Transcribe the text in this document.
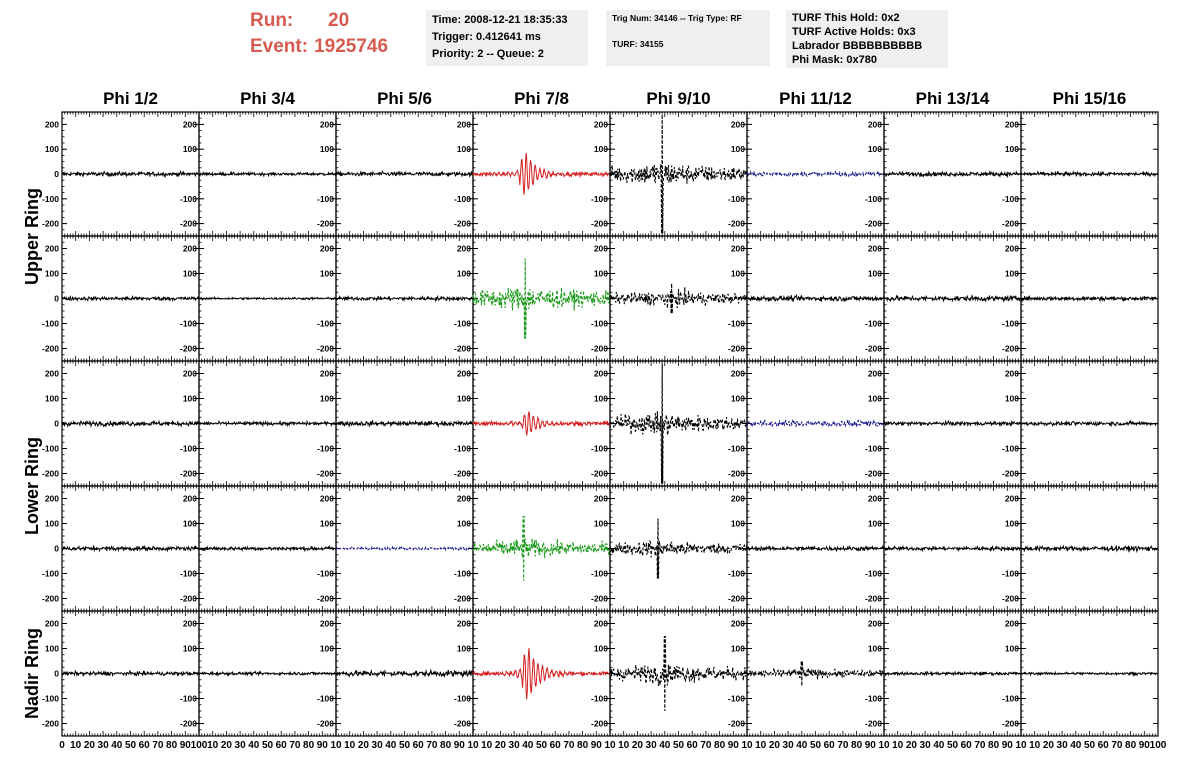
Run: 20
Event: 1925746
Time: 2008-12-21 18:35:33
Trigger: 0.412641 ms
Priority: 2 -- Queue: 2
Trig Num: 34146 -- Trig Type: RF
TURF: 34155
TURF This Hold: 0x2
TURF Active Holds: 0x3
Labrador BBBBBBBBBB
Phi Mask: 0x780
Phi 1/2	Phi 3/4	Phi 5/6	Phi 7/8	Phi 9/10	Phi 11/12	Phi 13/14	Phi 15/16
Upper Ring
Lower Ring
Nadir Ring
-200
-100
0
100
200
-200
-100
100
200
-200
-100
100
200
-200
-100
100
200
-200
-100
100
200
-200
-100
100
200
-200
-100
100
200
-200
-100
100
200
-200
-100
0
100
200
-200
-100
100
200
-200
-100
100
200
-200
-100
100
200
-200
-100
100
200
-200
-100
100
200
-200
-100
100
200
-200
-100
100
200
-200
-100
0
100
200
-200
-100
100
200
-200
-100
100
200
-200
-100
100
200
-200
-100
100
200
-200
-100
100
200
-200
-100
100
200
-200
-100
100
200
-200
-100
0
100
200
-200
-100
100
200
-200
-100
100
200
-200
-100
100
200
-200
-100
100
200
-200
-100
100
200
-200
-100
100
200
-200
-100
100
200
-200
-100
0
100
200
-200
-100
100
200
-200
-100
100
200
-200
-100
100
200
-200
-100
100
200
-200
-100
100
200
-200
-100
100
200
-200
-100
100
200
0 10 20 30 40 50 60 70 80 90 100 10 20 30 40 50 60 70 80 90 10 10 20 30 40 50 60 70 80 90 10 10 20 30 40 50 60 70 80 90 10 10 20 30 40 50 60 70 80 90 10 10 20 30 40 50 60 70 80 90 10 10 20 30 40 50 60 70 80 90 10 10 20 30 40 50 60 70 80 90 100
